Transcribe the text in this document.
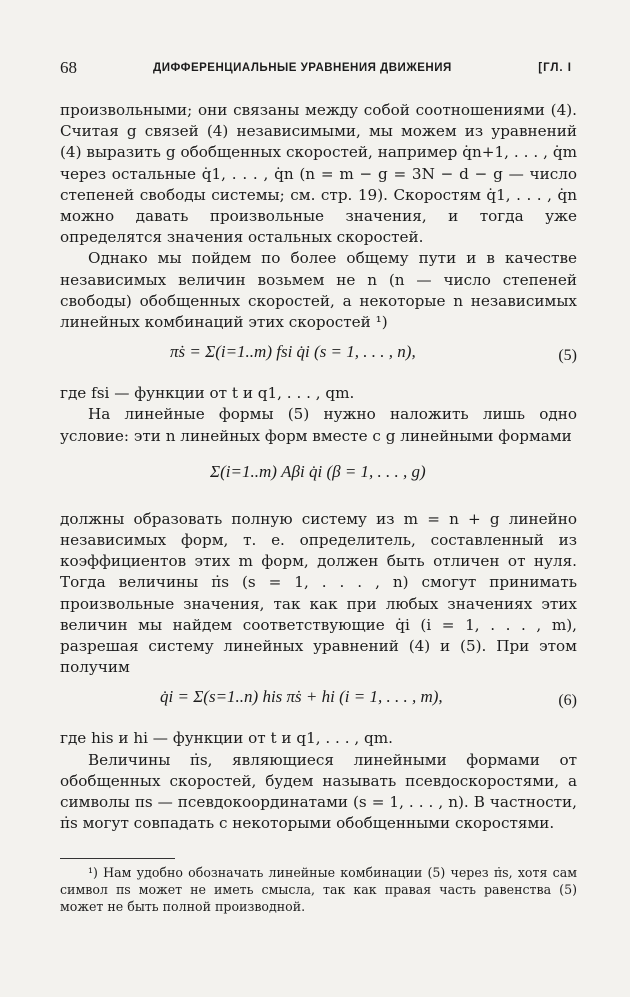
68	ДИФФЕРЕНЦИАЛЬНЫЕ УРАВНЕНИЯ ДВИЖЕНИЯ	[ГЛ. I

произвольными; они связаны между собой соотношениями (4). Считая g связей (4) независимыми, мы можем из уравнений (4) выразить g обобщенных скоростей, например q̇n+1, . . . , q̇m через остальные q̇1, . . . , q̇n (n = m − g = 3N − d − g — число степеней свободы системы; см. стр. 19). Скоростям q̇1, . . . , q̇n можно давать произвольные значения, и тогда уже определятся значения остальных скоростей.

Однако мы пойдем по более общему пути и в качестве независимых величин возьмем не n (n — число степеней свободы) обобщенных скоростей, а некоторые n независимых линейных комбинаций этих скоростей ¹)

π̇s = Σ(i=1..m) fsi q̇i (s = 1, . . . , n),	(5)

где fsi — функции от t и q1, . . . , qm.

На линейные формы (5) нужно наложить лишь одно условие: эти n линейных форм вместе с g линейными формами

Σ(i=1..m) Aβi q̇i (β = 1, . . . , g)

должны образовать полную систему из m = n + g линейно независимых форм, т. е. определитель, составленный из коэффициентов этих m форм, должен быть отличен от нуля. Тогда величины π̇s (s = 1, . . . , n) смогут принимать произвольные значения, так как при любых значениях этих величин мы найдем соответствующие q̇i (i = 1, . . . , m), разрешая систему линейных уравнений (4) и (5). При этом получим

q̇i = Σ(s=1..n) his π̇s + hi (i = 1, . . . , m),	(6)

где his и hi — функции от t и q1, . . . , qm.

Величины π̇s, являющиеся линейными формами от обобщенных скоростей, будем называть псевдоскоростями, а символы πs — псевдокоординатами (s = 1, . . . , n). В частности, π̇s могут совпадать с некоторыми обобщенными скоростями.

¹) Нам удобно обозначать линейные комбинации (5) через π̇s, хотя сам символ πs может не иметь смысла, так как правая часть равенства (5) может не быть полной производной.
